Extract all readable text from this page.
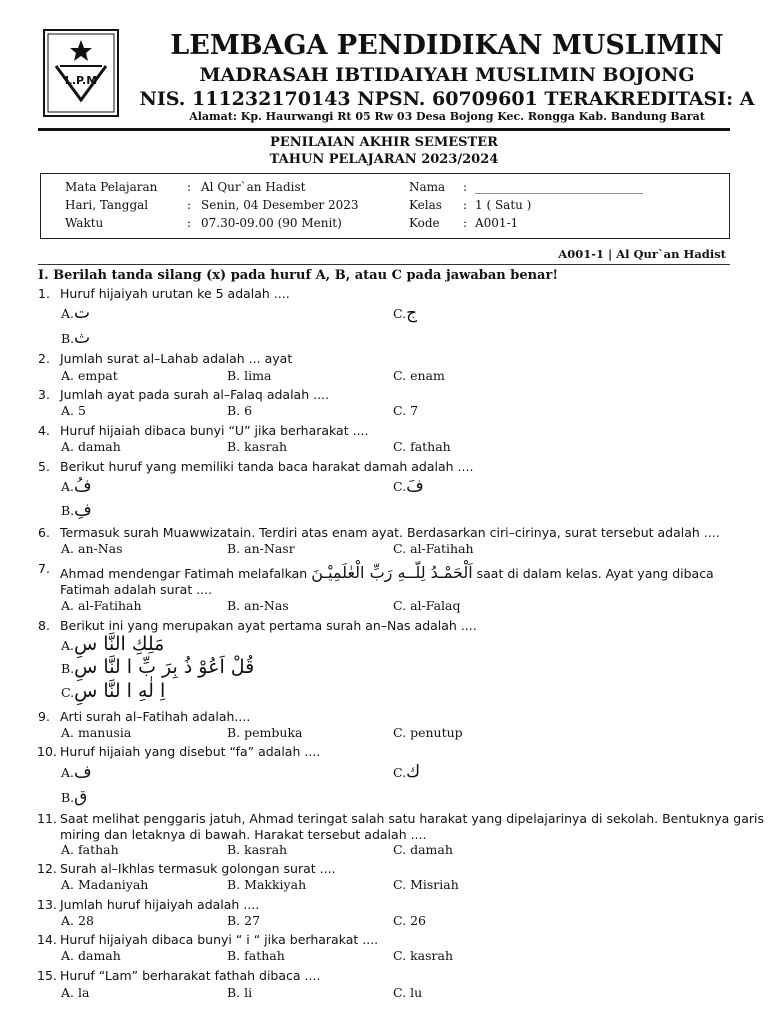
L.P.M
LEMBAGA PENDIDIKAN MUSLIMIN
MADRASAH IBTIDAIYAH MUSLIMIN BOJONG
NIS. 111232170143 NPSN. 60709601 TERAKREDITASI: A
Alamat: Kp. Haurwangi Rt 05 Rw 03 Desa Bojong Kec. Rongga Kab. Bandung Barat
PENILAIAN AKHIR SEMESTER
TAHUN PELAJARAN 2023/2024
Mata Pelajaran : Al Qur`an Hadist	Nama : ____________________________
Hari, Tanggal	: Senin, 04 Desember 2023	Kelas : 1 ( Satu )
Waktu	: 07.30-09.00 (90 Menit)	Kode : A001-1
A001-1 | Al Qur`an Hadist
I. Berilah tanda silang (x) pada huruf A, B, atau C pada jawaban benar!
1. Huruf hijaiyah urutan ke 5 adalah ....
A.ت	C.ج
B.ث
2. Jumlah surat al–Lahab adalah ... ayat
A. empat	B. lima	C. enam
3. Jumlah ayat pada surah al–Falaq adalah ....
A. 5	B. 6	C. 7
4. Huruf hijaiah dibaca bunyi “U” jika berharakat ....
A. damah	B. kasrah	C. fathah
5. Berikut huruf yang memiliki tanda baca harakat damah adalah ....
A.فُ	C.فَ
B.فِ
6. Termasuk surah Muawwizatain. Terdiri atas enam ayat. Berdasarkan ciri–cirinya, surat tersebut adalah ....
A. an-Nas	B. an-Nasr	C. al-Fatihah
7. Ahmad mendengar Fatimah melafalkan اَلْحَمْـدُ لِلّــهِ رَبِّ الْعٰلَمِيْـنَ saat di dalam kelas. Ayat yang dibaca
Fatimah adalah surat ....
A. al-Fatihah	B. an-Nas	C. al-Falaq
8. Berikut ini yang merupakan ayat pertama surah an–Nas adalah ....
A.مَلِكِ النَّا سِ
B.قُلْ اَعُوْ ذُ بِرَ بِّ ا لنَّا سِ
C.اِ لٰهِ ا لنَّا سِ
9. Arti surah al–Fatihah adalah....
A. manusia	B. pembuka	C. penutup
10. Huruf hijaiah yang disebut “fa” adalah ....
A.ف	C.ك
B.ق
11. Saat melihat penggaris jatuh, Ahmad teringat salah satu harakat yang dipelajarinya di sekolah. Bentuknya garis
miring dan letaknya di bawah. Harakat tersebut adalah ....
A. fathah	B. kasrah	C. damah
12. Surah al–Ikhlas termasuk golongan surat ....
A. Madaniyah	B. Makkiyah	C. Misriah
13. Jumlah huruf hijaiyah adalah ....
A. 28	B. 27	C. 26
14. Huruf hijaiyah dibaca bunyi “ i “ jika berharakat ....
A. damah	B. fathah	C. kasrah
15. Huruf “Lam” berharakat fathah dibaca ....
A. la	B. li	C. lu
